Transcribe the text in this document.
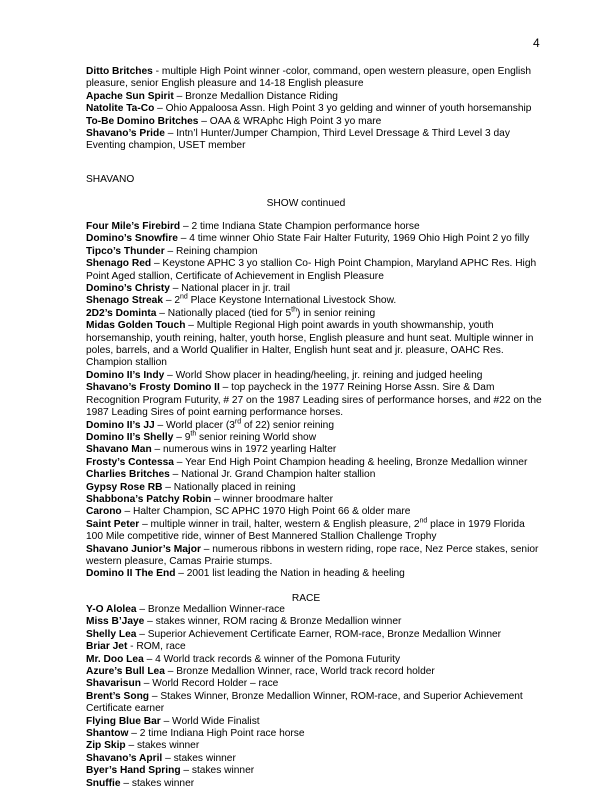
4
Ditto Britches - multiple High Point winner -color, command, open western pleasure, open English pleasure, senior English pleasure and 14-18 English pleasure
Apache Sun Spirit – Bronze Medallion Distance Riding
Natolite Ta-Co – Ohio Appaloosa Assn. High Point 3 yo gelding and winner of youth horsemanship
To-Be Domino Britches – OAA & WRAphc High Point 3 yo mare
Shavano’s Pride – Intn’l Hunter/Jumper Champion, Third Level Dressage & Third Level 3 day Eventing champion, USET member
SHAVANO
SHOW continued
Four Mile’s Firebird – 2 time Indiana State Champion performance horse
Domino’s Snowfire – 4 time winner Ohio State Fair Halter Futurity, 1969 Ohio High Point 2 yo filly
Tipco’s Thunder – Reining champion
Shenago Red – Keystone APHC 3 yo stallion Co- High Point Champion, Maryland APHC Res. High Point Aged stallion, Certificate of Achievement in English Pleasure
Domino’s Christy – National placer in jr. trail
Shenago Streak – 2nd Place Keystone International Livestock Show.
2D2’s Dominta – Nationally placed (tied for 5th) in senior reining
Midas Golden Touch – Multiple Regional High point awards in youth showmanship, youth horsemanship, youth reining, halter, youth horse, English pleasure and hunt seat. Multiple winner in poles, barrels, and a World Qualifier in Halter, English hunt seat and jr. pleasure, OAHC Res. Champion stallion
Domino II’s Indy – World Show placer in heading/heeling, jr. reining and judged heeling
Shavano’s Frosty Domino II – top paycheck in the 1977 Reining Horse Assn. Sire & Dam Recognition Program Futurity, # 27 on the 1987 Leading sires of performance horses, and #22 on the 1987 Leading Sires of point earning performance horses.
Domino II’s JJ – World placer (3rd of 22) senior reining
Domino II’s Shelly – 9th senior reining World show
Shavano Man – numerous wins in 1972 yearling Halter
Frosty’s Contessa – Year End High Point Champion heading & heeling, Bronze Medallion winner
Charlies Britches – National Jr. Grand Champion halter stallion
Gypsy Rose RB – Nationally placed in reining
Shabbona’s Patchy Robin – winner broodmare halter
Carono – Halter Champion, SC APHC 1970 High Point 66 & older mare
Saint Peter – multiple winner in trail, halter, western & English pleasure, 2nd place in 1979 Florida 100 Mile competitive ride, winner of Best Mannered Stallion Challenge Trophy
Shavano Junior’s Major – numerous ribbons in western riding, rope race, Nez Perce stakes, senior western pleasure, Camas Prairie stumps.
Domino II The End – 2001 list leading the Nation in heading & heeling
RACE
Y-O Alolea – Bronze Medallion Winner-race
Miss B’Jaye – stakes winner, ROM racing & Bronze Medallion winner
Shelly Lea – Superior Achievement Certificate Earner, ROM-race, Bronze Medallion Winner
Briar Jet - ROM, race
Mr. Doo Lea – 4 World track records & winner of the Pomona Futurity
Azure’s Bull Lea – Bronze Medallion Winner, race, World track record holder
Shavarisun – World Record Holder – race
Brent’s Song – Stakes Winner, Bronze Medallion Winner, ROM-race, and Superior Achievement Certificate earner
Flying Blue Bar – World Wide Finalist
Shantow – 2 time Indiana High Point race horse
Zip Skip – stakes winner
Shavano’s April – stakes winner
Byer’s Hand Spring – stakes winner
Snuffie – stakes winner
